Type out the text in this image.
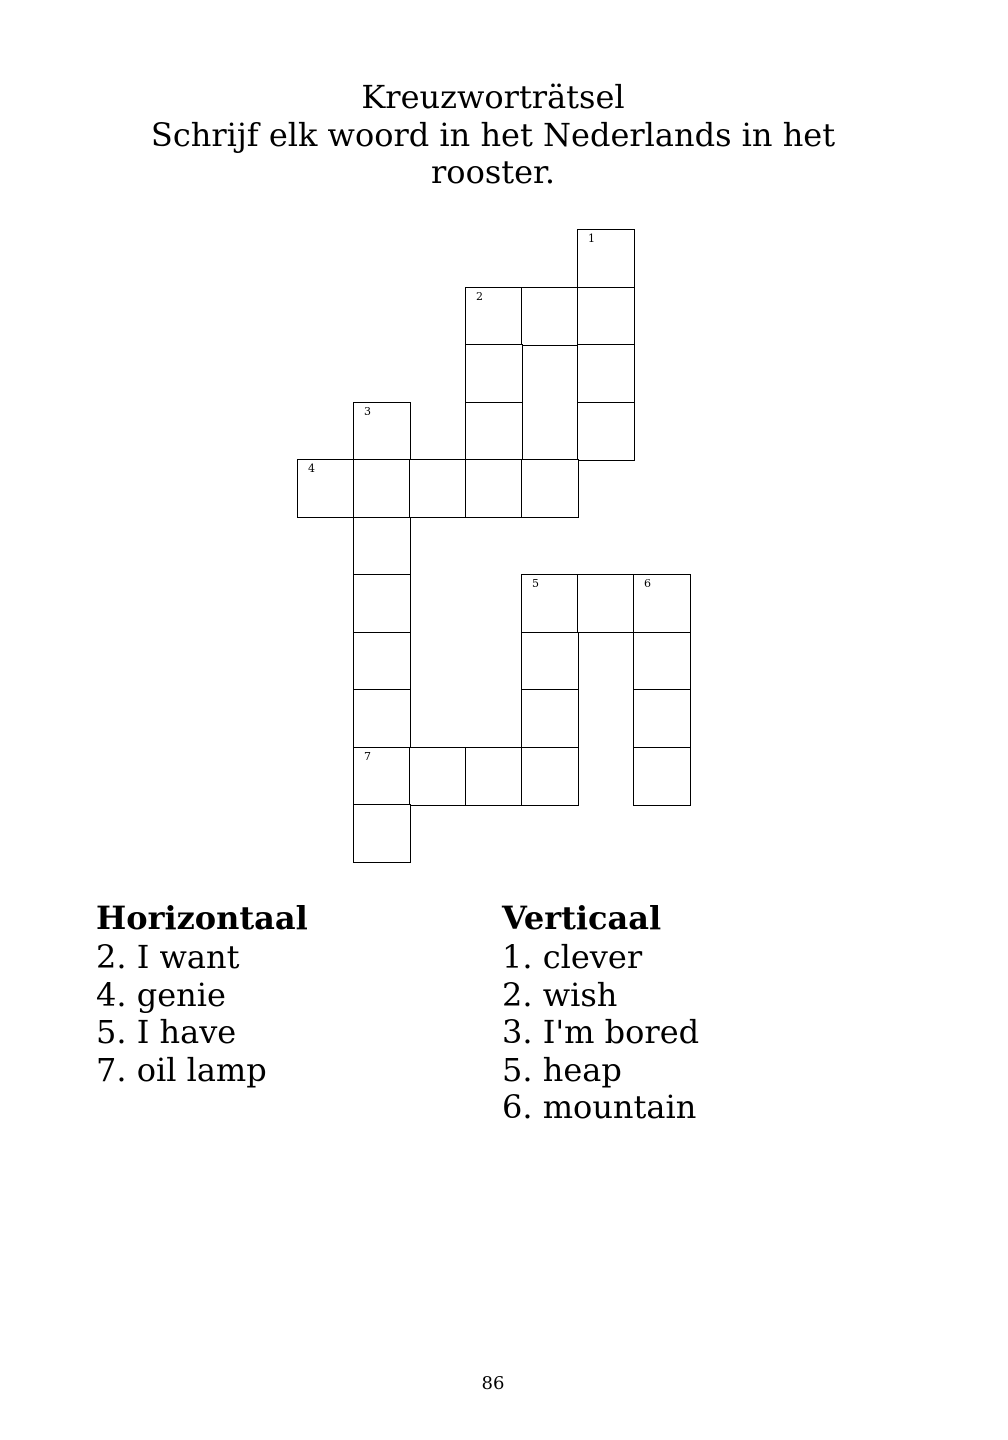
Kreuzworträtsel
Schrijf elk woord in het Nederlands in het
rooster.
1
2
3
4
5	6
7
Horizontaal
2. I want
4. genie
5. I have
7. oil lamp
Verticaal
1. clever
2. wish
3. I'm bored
5. heap
6. mountain
86
